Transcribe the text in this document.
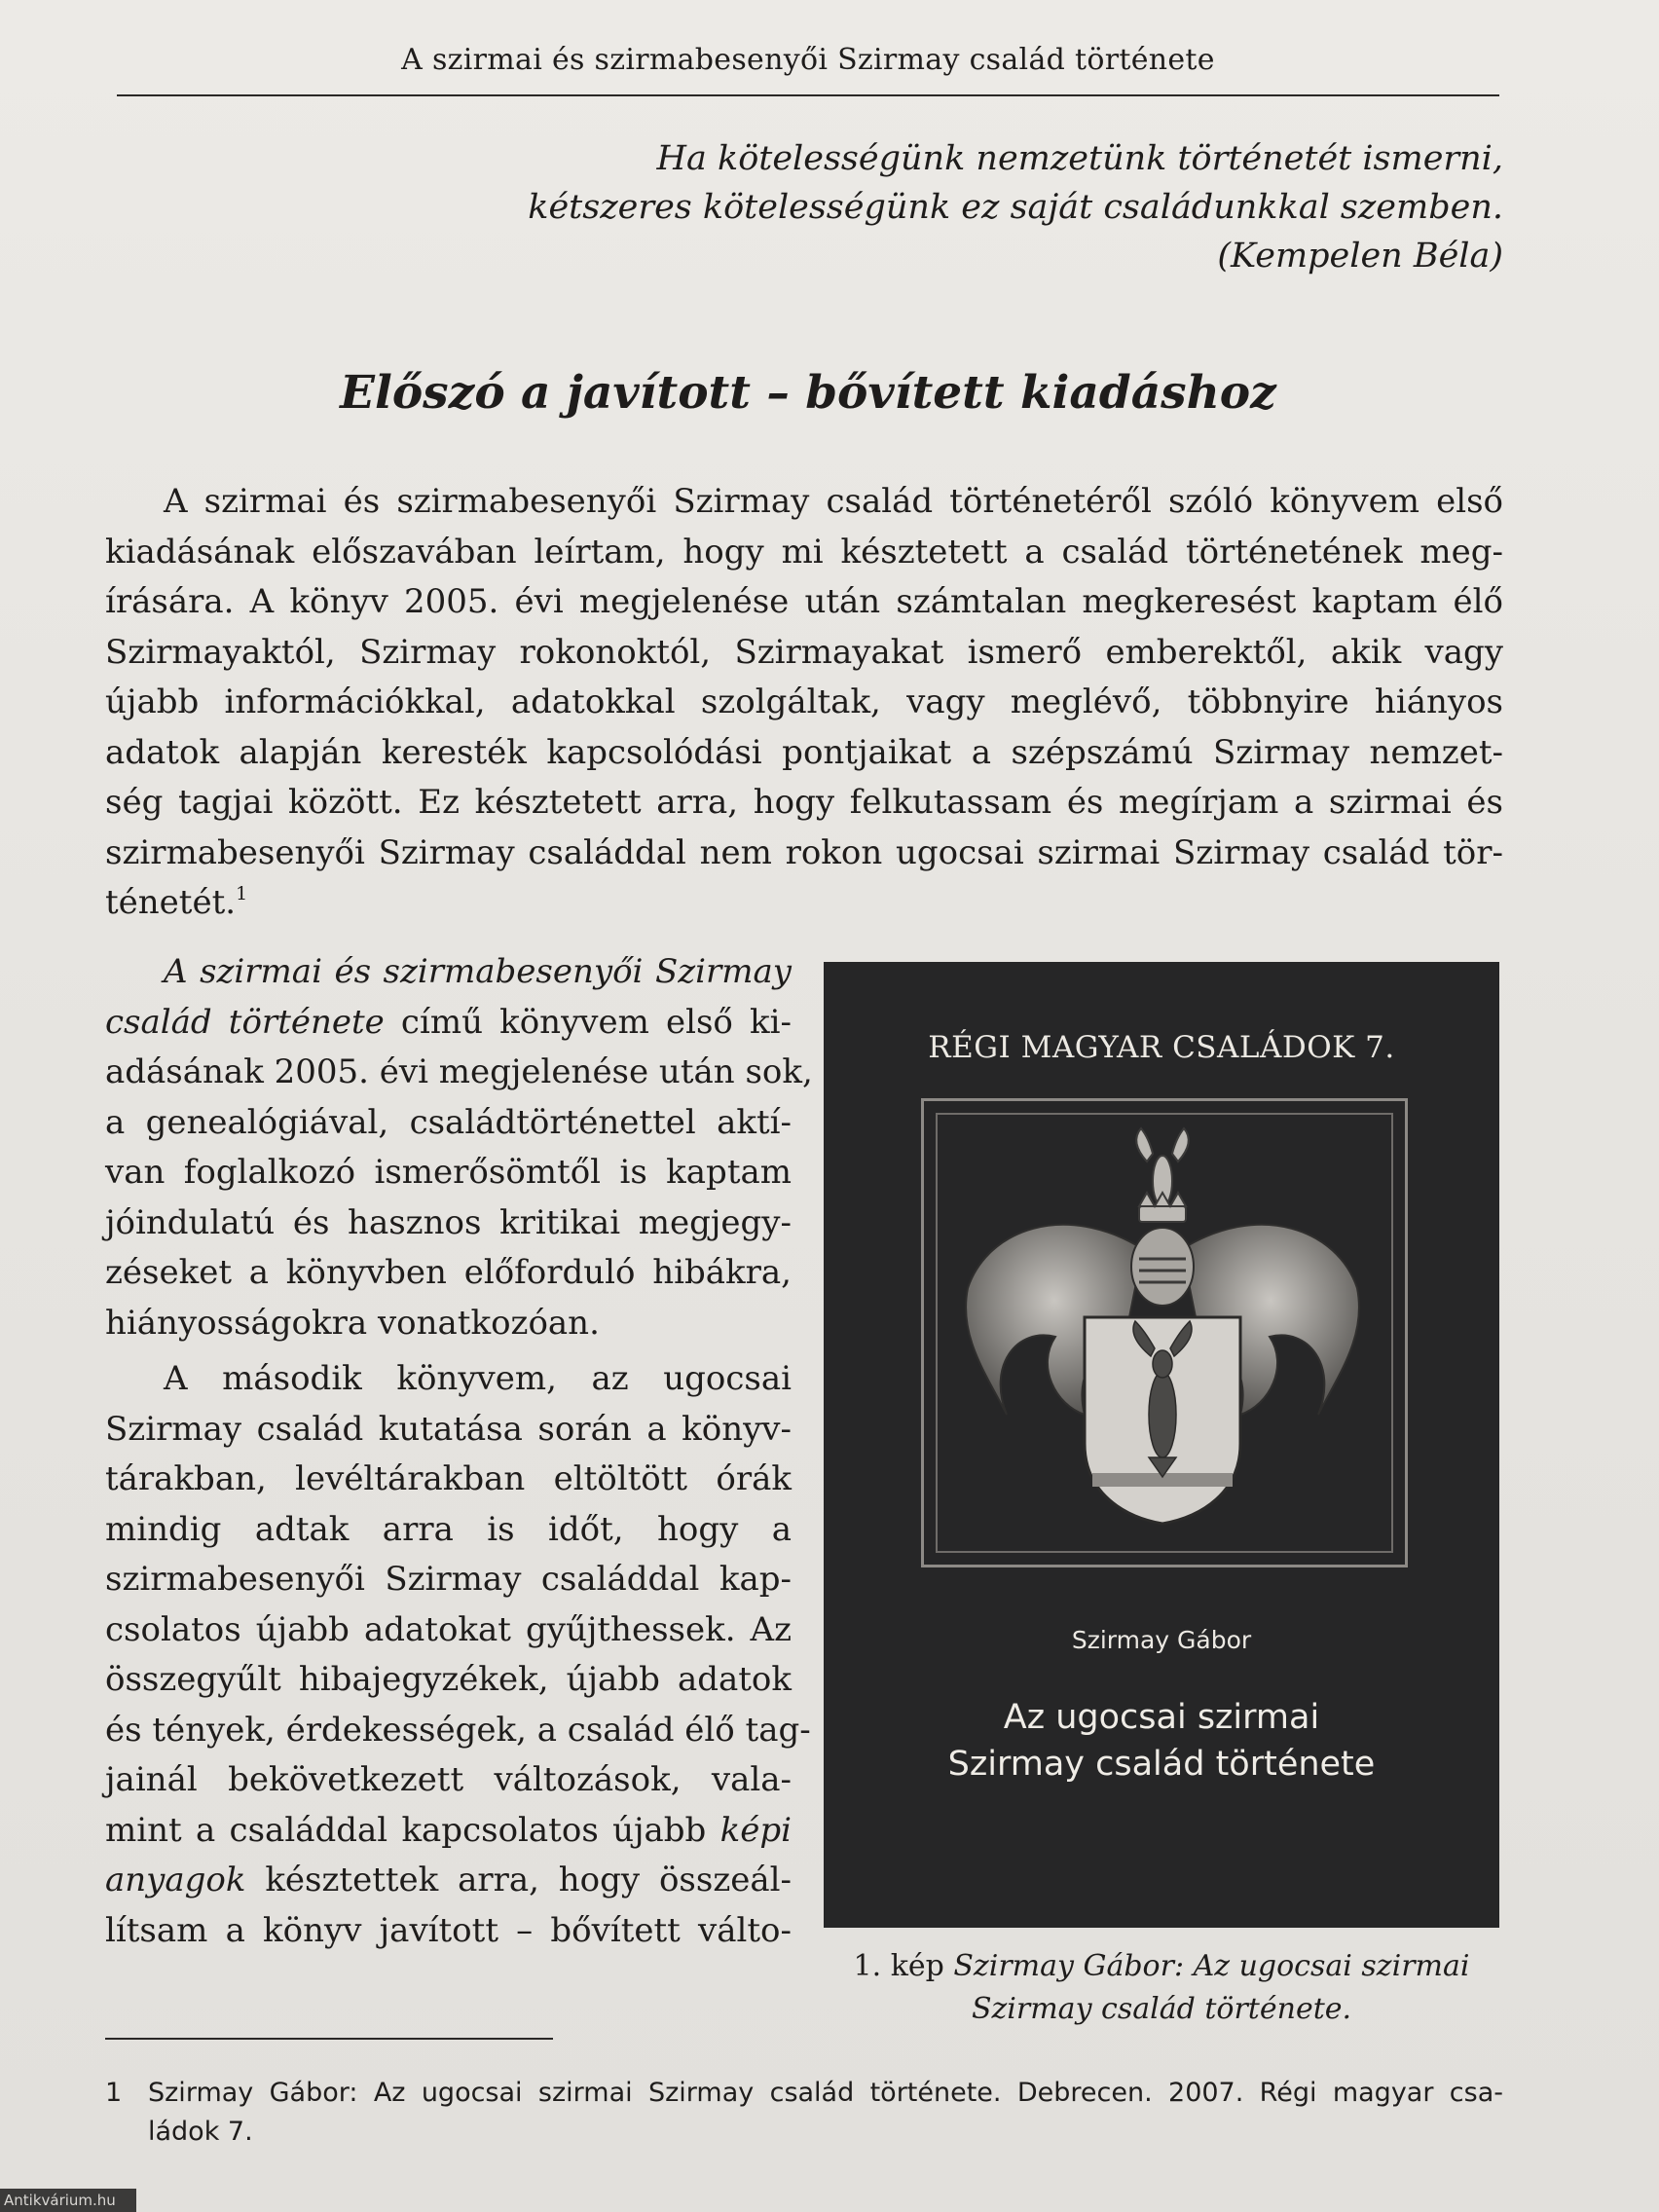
A szirmai és szirmabesenyői Szirmay család története
Ha kötelességünk nemzetünk történetét ismerni,
kétszeres kötelességünk ez saját családunkkal szemben.
(Kempelen Béla)
Előszó a javított – bővített kiadáshoz
A szirmai és szirmabesenyői Szirmay család történetéről szóló könyvem első
kiadásának előszavában leírtam, hogy mi késztetett a család történetének meg-
írására. A könyv 2005. évi megjelenése után számtalan megkeresést kaptam élő
Szirmayaktól, Szirmay rokonoktól, Szirmayakat ismerő emberektől, akik vagy
újabb információkkal, adatokkal szolgáltak, vagy meglévő, többnyire hiányos
adatok alapján keresték kapcsolódási pontjaikat a szépszámú Szirmay nemzet-
ség tagjai között. Ez késztetett arra, hogy felkutassam és megírjam a szirmai és
szirmabesenyői Szirmay családdal nem rokon ugocsai szirmai Szirmay család tör-
ténetét.$^1$
A szirmai és szirmabesenyői Szirmay
család története című könyvem első ki-
adásának 2005. évi megjelenése után sok,
a genealógiával, családtörténettel aktí-
van foglalkozó ismerősömtől is kaptam
jóindulatú és hasznos kritikai megjegy-
zéseket a könyvben előforduló hibákra,
hiányosságokra vonatkozóan.
A második könyvem, az ugocsai
Szirmay család kutatása során a könyv-
tárakban, levéltárakban eltöltött órák
mindig adtak arra is időt, hogy a
szirmabesenyői Szirmay családdal kap-
csolatos újabb adatokat gyűjthessek. Az
összegyűlt hibajegyzékek, újabb adatok
és tények, érdekességek, a család élő tag-
jainál bekövetkezett változások, vala-
mint a családdal kapcsolatos újabb képi
anyagok késztettek arra, hogy összeál-
lítsam a könyv javított – bővített válto-
RÉGI MAGYAR CSALÁDOK 7.
Szirmay Gábor
Az ugocsai szirmai
Szirmay család története
1. kép Szirmay Gábor: Az ugocsai szirmai
Szirmay család története.
1 Szirmay Gábor: Az ugocsai szirmai Szirmay család története. Debrecen. 2007. Régi magyar csa-
ládok 7.
Antikvárium.hu
